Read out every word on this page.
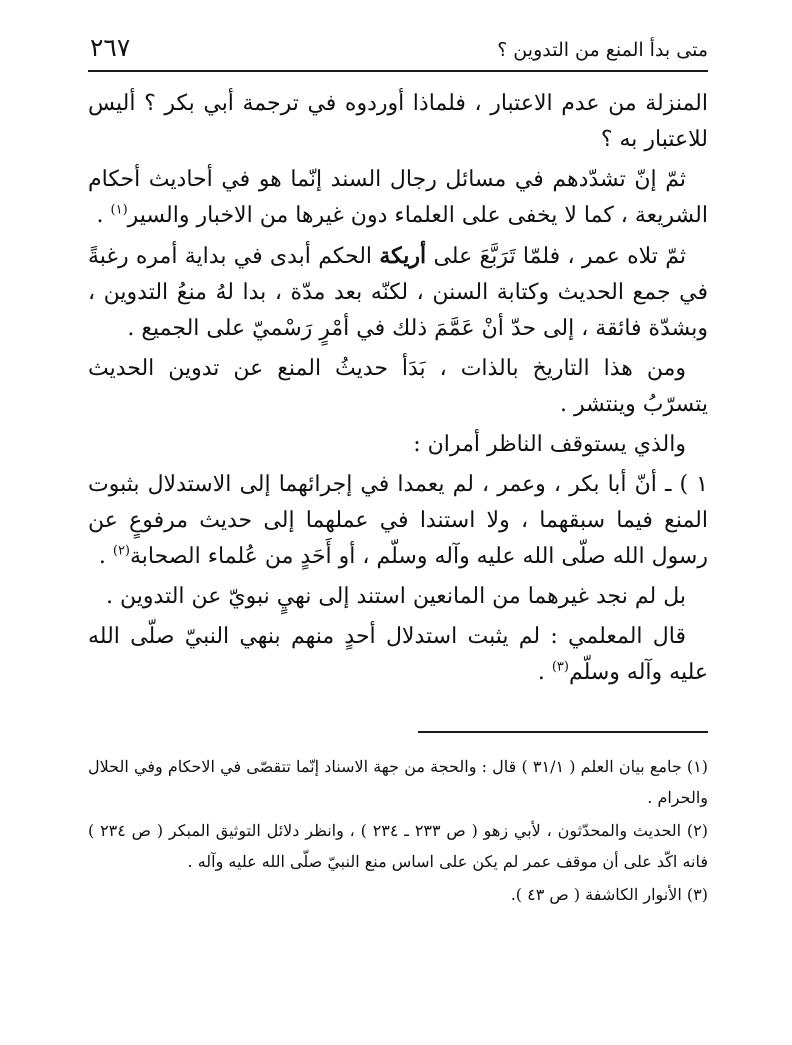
متى بدأ المنع من التدوين ؟
٢٦٧

المنزلة من عدم الاعتبار ، فلماذا أوردوه في ترجمة أبي بكر ؟ أليس للاعتبار به ؟

ثمّ إنّ تشدّدهم في مسائل رجال السند إنّما هو في أحاديث أحكام الشريعة ، كما لا يخفى على العلماء دون غيرها من الاخبار والسير$^{(١)}$ .

ثمّ تلاه عمر ، فلمّا تَرَبَّعَ على أريكة الحكم أبدى في بداية أمره رغبةً في جمع الحديث وكتابة السنن ، لكنّه بعد مدّة ، بدا لهُ منعُ التدوين ، وبشدّة فائقة ، إلى حدّ أنْ عَمَّمَ ذلك في أمْرٍ رَسْميّ على الجميع .

ومن هذا التاريخ بالذات ، بَدَأ حديثُ المنع عن تدوين الحديث يتسرّبُ وينتشر .

والذي يستوقف الناظر أمران :

١ ) ـ أنّ أبا بكر ، وعمر ، لم يعمدا في إجرائهما إلى الاستدلال بثبوت المنع فيما سبقهما ، ولا استندا في عملهما إلى حديث مرفوعٍ عن رسول الله صلّى الله عليه وآله وسلّم ، أو أَحَدٍ من عُلماء الصحابة$^{(٢)}$ .

بل لم نجد غيرهما من المانعين استند إلى نهيٍ نبويّ عن التدوين .

قال المعلمي : لم يثبت استدلال أحدٍ منهم بنهي النبيّ صلّى الله عليه وآله وسلّم$^{(٣)}$ .

(١) جامع بيان العلم ( ٣١/١ ) قال : والحجة من جهة الاسناد إنّما تتقصّى في الاحكام وفي الحلال والحرام .

(٢) الحديث والمحدّثون ، لأبي زهو ( ص ٢٣٣ ـ ٢٣٤ ) ، وانظر دلائل التوثيق المبكر ( ص ٢٣٤ ) فانه اكّد على أن موقف عمر لم يكن على اساس منع النبيّ صلّى الله عليه وآله .

(٣) الأنوار الكاشفة ( ص ٤٣ ).
